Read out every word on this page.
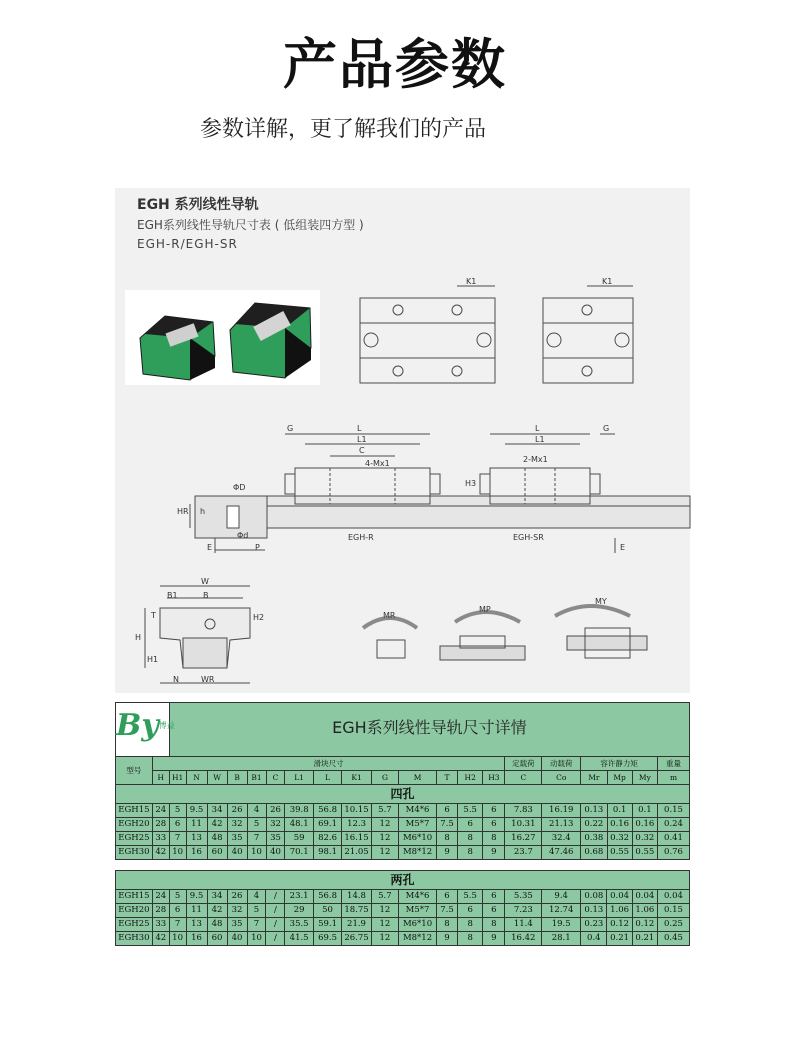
产品参数
参数详解，更了解我们的产品
EGH 系列线性导轨
EGH系列线性导轨尺寸表 ( 低组装四方型 )
EGH-R/EGH-SR
K1	K1
L
L1
C
4-Mx1
G	L
L1
2-Mx1
G
ΦD
Φd
HR h
E	P	E
H3
EGH-R	EGH-SR
W
B
B1
T	H2
H
H1
N	WR
MR
MP
MY
By博益		EGH系列线性导轨尺寸详情																			
型号	滑块尺寸															定载荷	动载荷	容许静力矩			重量
	H	H1	N	W	B	B1	C	L1	L	K1	G	M	T	H2	H3	C	Co	Mr	Mp	My	m
四孔																					
EGH15	24	5	9.5	34	26	4	26	39.8	56.8	10.15	5.7	M4*6	6	5.5	6	7.83	16.19	0.13	0.1	0.1	0.15
EGH20	28	6	11	42	32	5	32	48.1	69.1	12.3	12	M5*7	7.5	6	6	10.31	21.13	0.22	0.16	0.16	0.24
EGH25	33	7	13	48	35	7	35	59	82.6	16.15	12	M6*10	8	8	8	16.27	32.4	0.38	0.32	0.32	0.41
EGH30	42	10	16	60	40	10	40	70.1	98.1	21.05	12	M8*12	9	8	9	23.7	47.46	0.68	0.55	0.55	0.76
两孔																					
EGH15	24	5	9.5	34	26	4	/	23.1	56.8	14.8	5.7	M4*6	6	5.5	6	5.35	9.4	0.08	0.04	0.04	0.04
EGH20	28	6	11	42	32	5	/	29	50	18.75	12	M5*7	7.5	6	6	7.23	12.74	0.13	1.06	1.06	0.15
EGH25	33	7	13	48	35	7	/	35.5	59.1	21.9	12	M6*10	8	8	8	11.4	19.5	0.23	0.12	0.12	0.25
EGH30	42	10	16	60	40	10	/	41.5	69.5	26.75	12	M8*12	9	8	9	16.42	28.1	0.4	0.21	0.21	0.45
